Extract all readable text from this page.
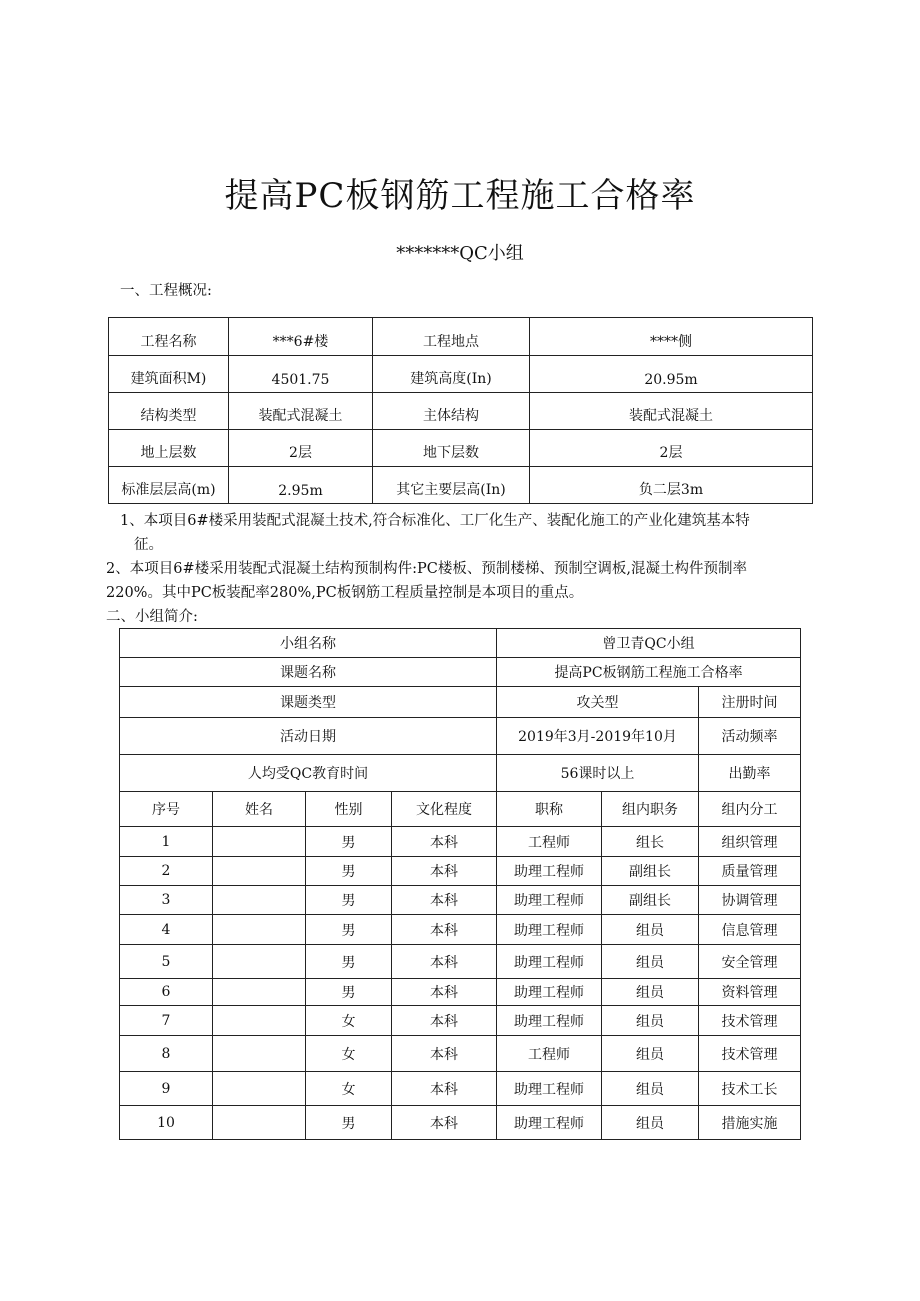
提高PC板钢筋工程施工合格率
*******QC小组
一、工程概况:
工程名称	***6#楼	工程地点	****侧
建筑面积M)	4501.75	建筑高度(In)	20.95m
结构类型	装配式混凝土	主体结构	装配式混凝土
地上层数	2层	地下层数	2层
标准层层高(m)	2.95m	其它主要层高(In)	负二层3m
1、本项目6#楼采用装配式混凝土技术,符合标准化、工厂化生产、装配化施工的产业化建筑基本特
征。
2、本项目6#楼采用装配式混凝土结构预制构件:PC楼板、预制楼梯、预制空调板,混凝土构件预制率
220%。其中PC板装配率280%,PC板钢筋工程质量控制是本项目的重点。
二、小组简介:
小组名称				曾卫青QC小组			
课题名称				提高PC板钢筋工程施工合格率			
课题类型				攻关型		注册时间	
活动日期				2019年3月-2019年10月		活动频率	
人均受QC教育时间				56课时以上		出勤率	
序号	姓名	性别	文化程度	职称	组内职务	组内分工	
1		男	本科	工程师	组长	组织管理	
2		男	本科	助理工程师	副组长	质量管理	
3		男	本科	助理工程师	副组长	协调管理	
4		男	本科	助理工程师	组员	信息管理	
5		男	本科	助理工程师	组员	安全管理	
6		男	本科	助理工程师	组员	资料管理	
7		女	本科	助理工程师	组员	技术管理	
8		女	本科	工程师	组员	技术管理	
9		女	本科	助理工程师	组员	技术工长	
10		男	本科	助理工程师	组员	措施实施	
